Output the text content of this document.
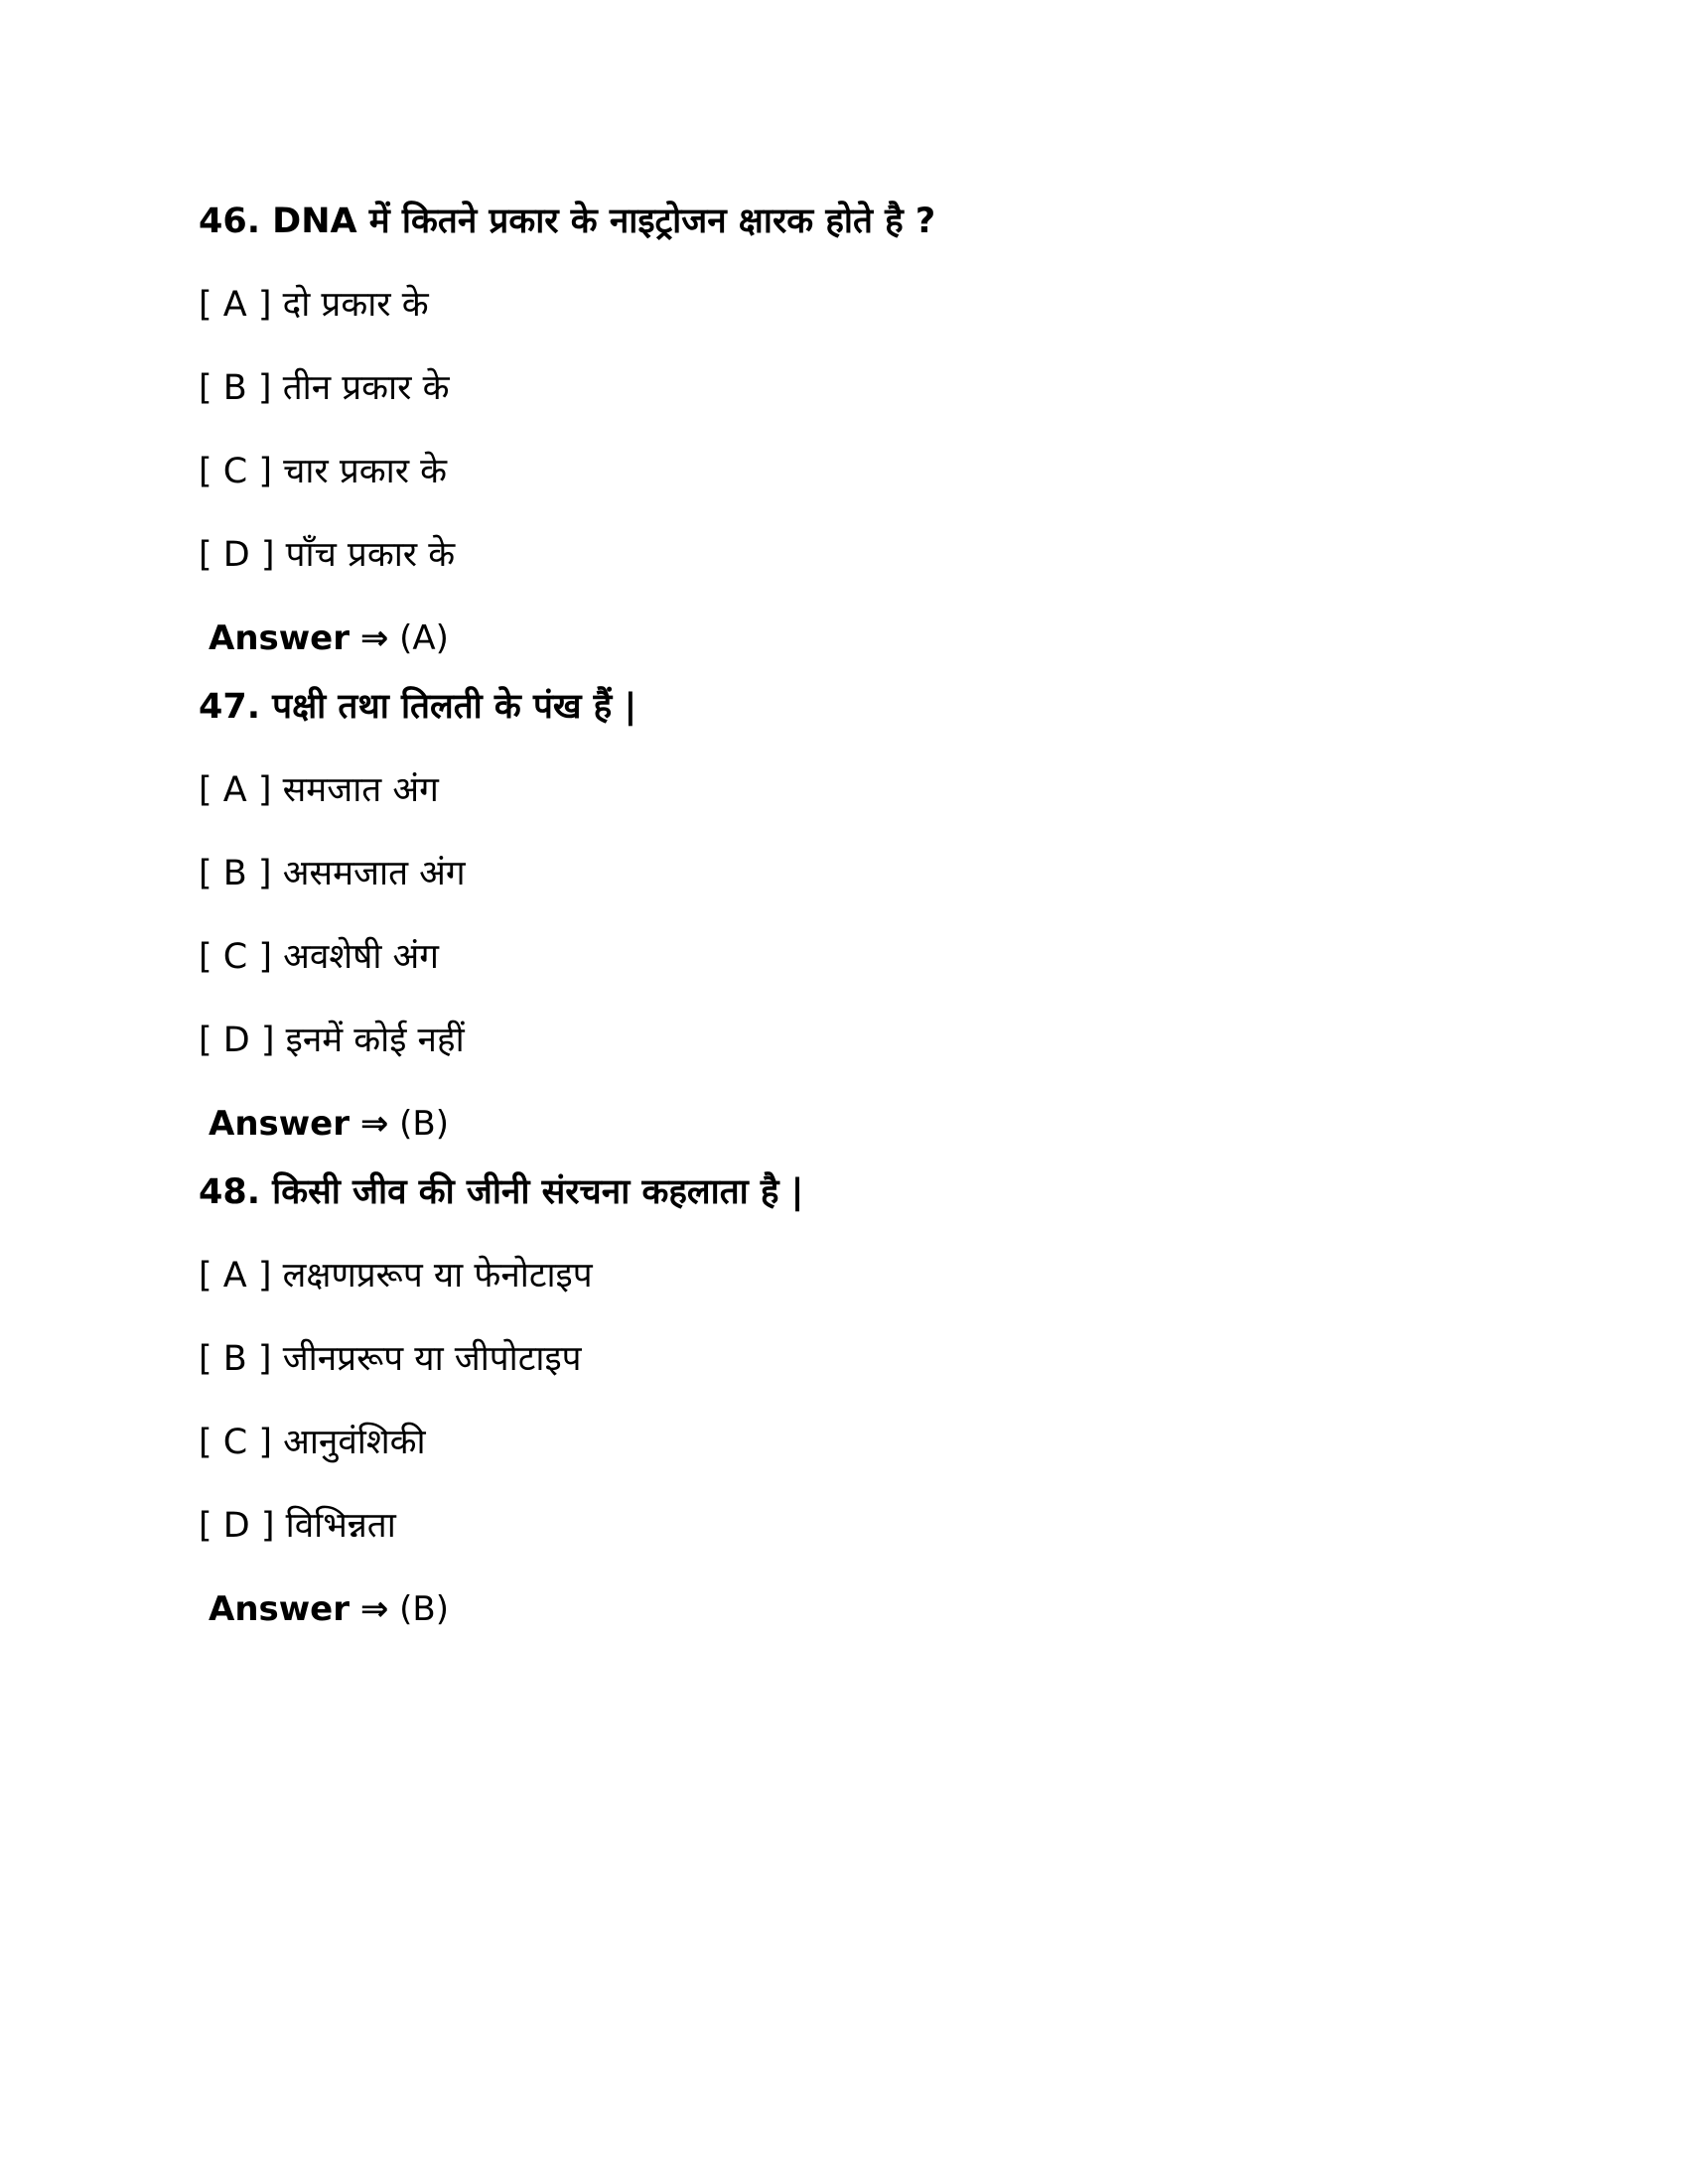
46. DNA में कितने प्रकार के नाइट्रोजन क्षारक होते है ?
[ A ] दो प्रकार के
[ B ] तीन प्रकार के
[ C ] चार प्रकार के
[ D ] पाँच प्रकार के
Answer ⇒ (A)
47. पक्षी तथा तिलती के पंख हैं |
[ A ] समजात अंग
[ B ] असमजात अंग
[ C ] अवशेषी अंग
[ D ] इनमें कोई नहीं
Answer ⇒ (B)
48. किसी जीव की जीनी संरचना कहलाता है |
[ A ] लक्षणप्ररूप या फेनोटाइप
[ B ] जीनप्ररूप या जीपोटाइप
[ C ] आनुवंशिकी
[ D ] विभिन्नता
Answer ⇒ (B)
